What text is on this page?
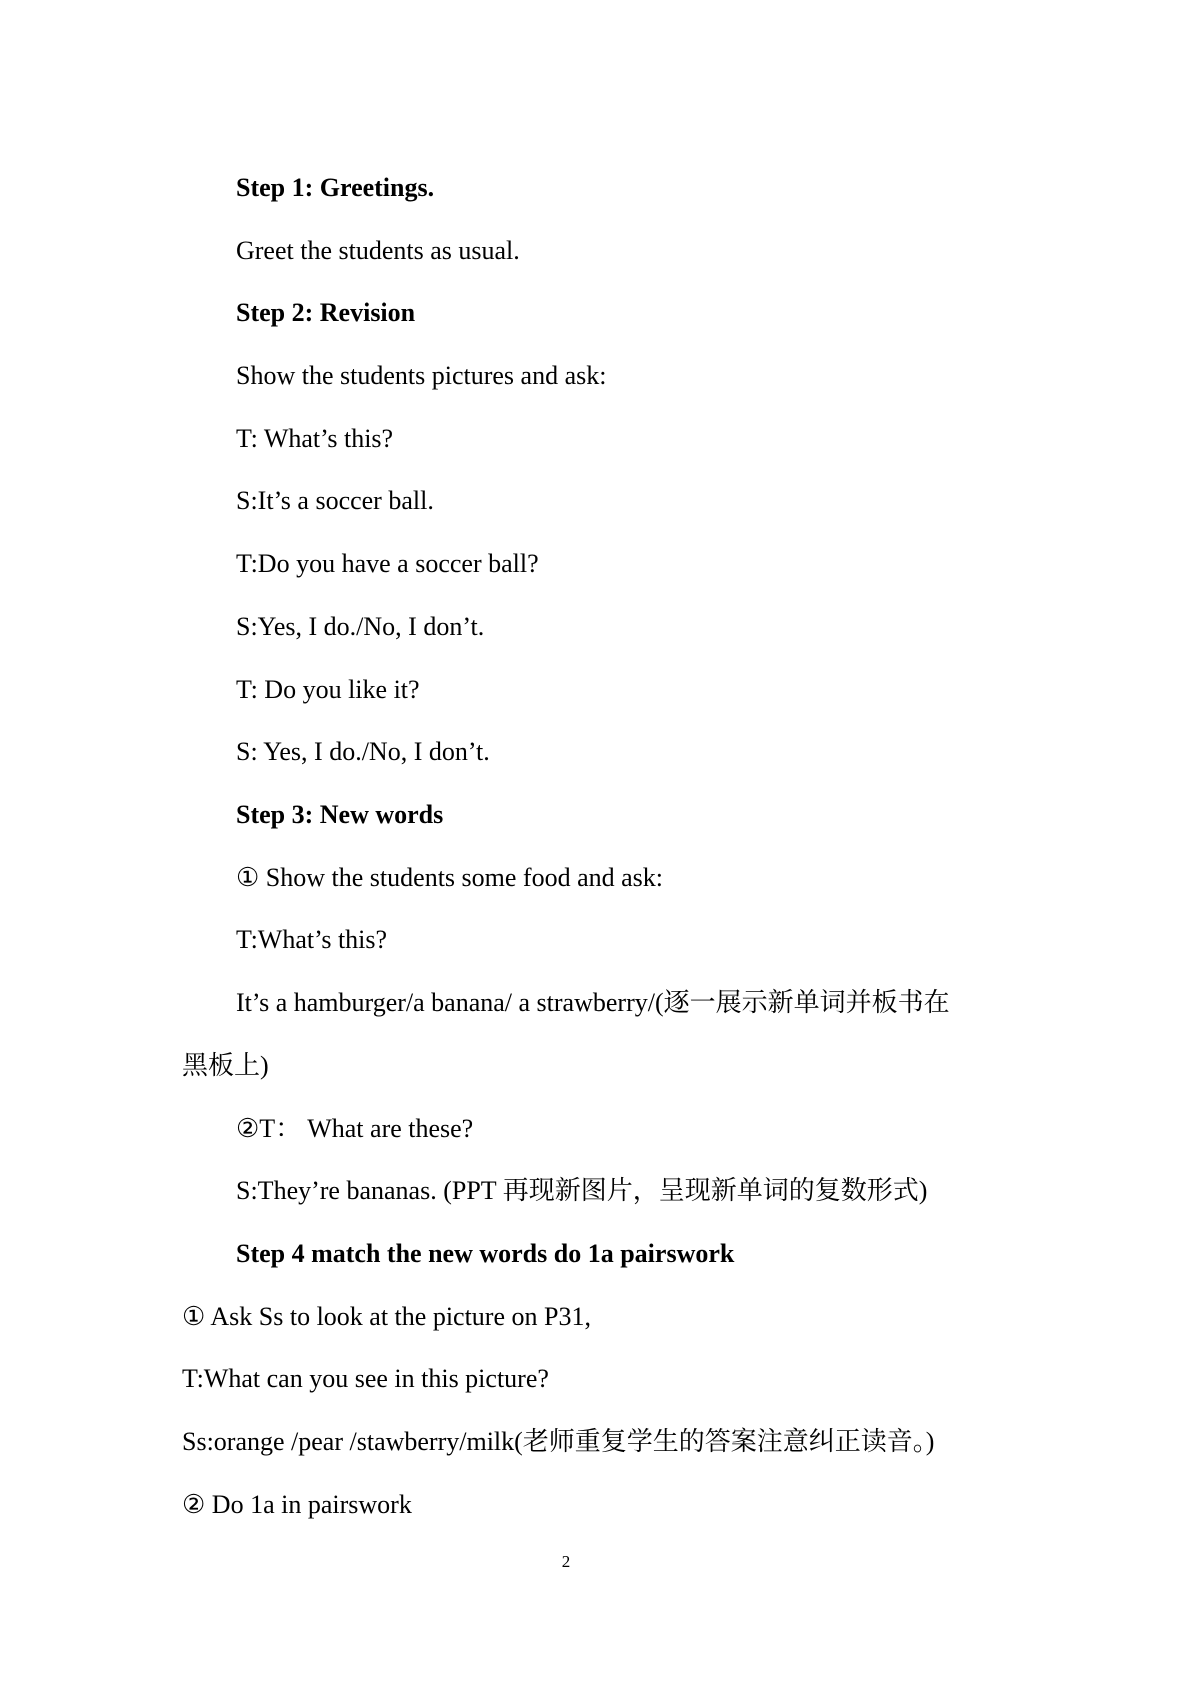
Step 1: Greetings.
Greet the students as usual.
Step 2: Revision
Show the students pictures and ask:
T: What’s this?
S:It’s a soccer ball.
T:Do you have a soccer ball?
S:Yes, I do./No, I don’t.
T: Do you like it?
S: Yes, I do./No, I don’t.
Step 3: New words
① Show the students some food and ask:
T:What’s this?
It’s a hamburger/a banana/ a strawberry/(逐一展示新单词并板书在
黑板上)
②T： What are these?
S:They’re bananas. (PPT 再现新图片，呈现新单词的复数形式)
Step 4 match the new words do 1a pairswork
① Ask Ss to look at the picture on P31,
T:What can you see in this picture?
Ss:orange /pear /stawberry/milk(老师重复学生的答案注意纠正读音。)
② Do 1a in pairswork
2
